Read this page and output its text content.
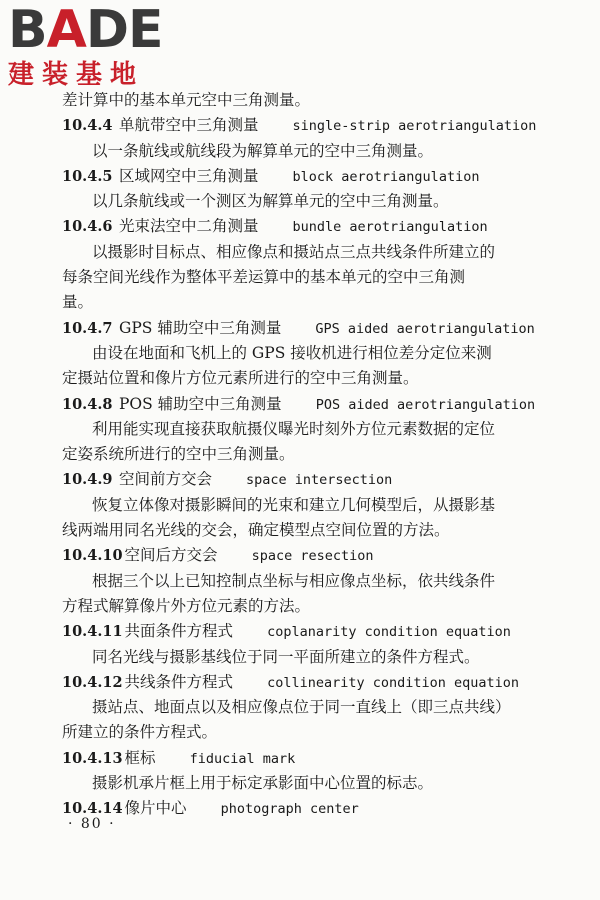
BADE
建装基地
差计算中的基本单元空中三角测量。
10.4.4 单航带空中三角测量	single-strip aerotriangulation
以一条航线或航线段为解算单元的空中三角测量。
10.4.5 区域网空中三角测量	block aerotriangulation
以几条航线或一个测区为解算单元的空中三角测量。
10.4.6 光束法空中二角测量	bundle aerotriangulation
以摄影时目标点、相应像点和摄站点三点共线条件所建立的
每条空间光线作为整体平差运算中的基本单元的空中三角测
量。
10.4.7 GPS 辅助空中三角测量	GPS aided aerotriangulation
由设在地面和飞机上的 GPS 接收机进行相位差分定位来测
定摄站位置和像片方位元素所进行的空中三角测量。
10.4.8 POS 辅助空中三角测量	POS aided aerotriangulation
利用能实现直接获取航摄仪曝光时刻外方位元素数据的定位
定姿系统所进行的空中三角测量。
10.4.9 空间前方交会	space intersection
恢复立体像对摄影瞬间的光束和建立几何模型后，从摄影基
线两端用同名光线的交会，确定模型点空间位置的方法。
10.4.10 空间后方交会	space resection
根据三个以上已知控制点坐标与相应像点坐标，依共线条件
方程式解算像片外方位元素的方法。
10.4.11 共面条件方程式	coplanarity condition equation
同名光线与摄影基线位于同一平面所建立的条件方程式。
10.4.12 共线条件方程式	collinearity condition equation
摄站点、地面点以及相应像点位于同一直线上（即三点共线）
所建立的条件方程式。
10.4.13 框标	fiducial mark
摄影机承片框上用于标定承影面中心位置的标志。
10.4.14 像片中心	photograph center
· 80 ·
